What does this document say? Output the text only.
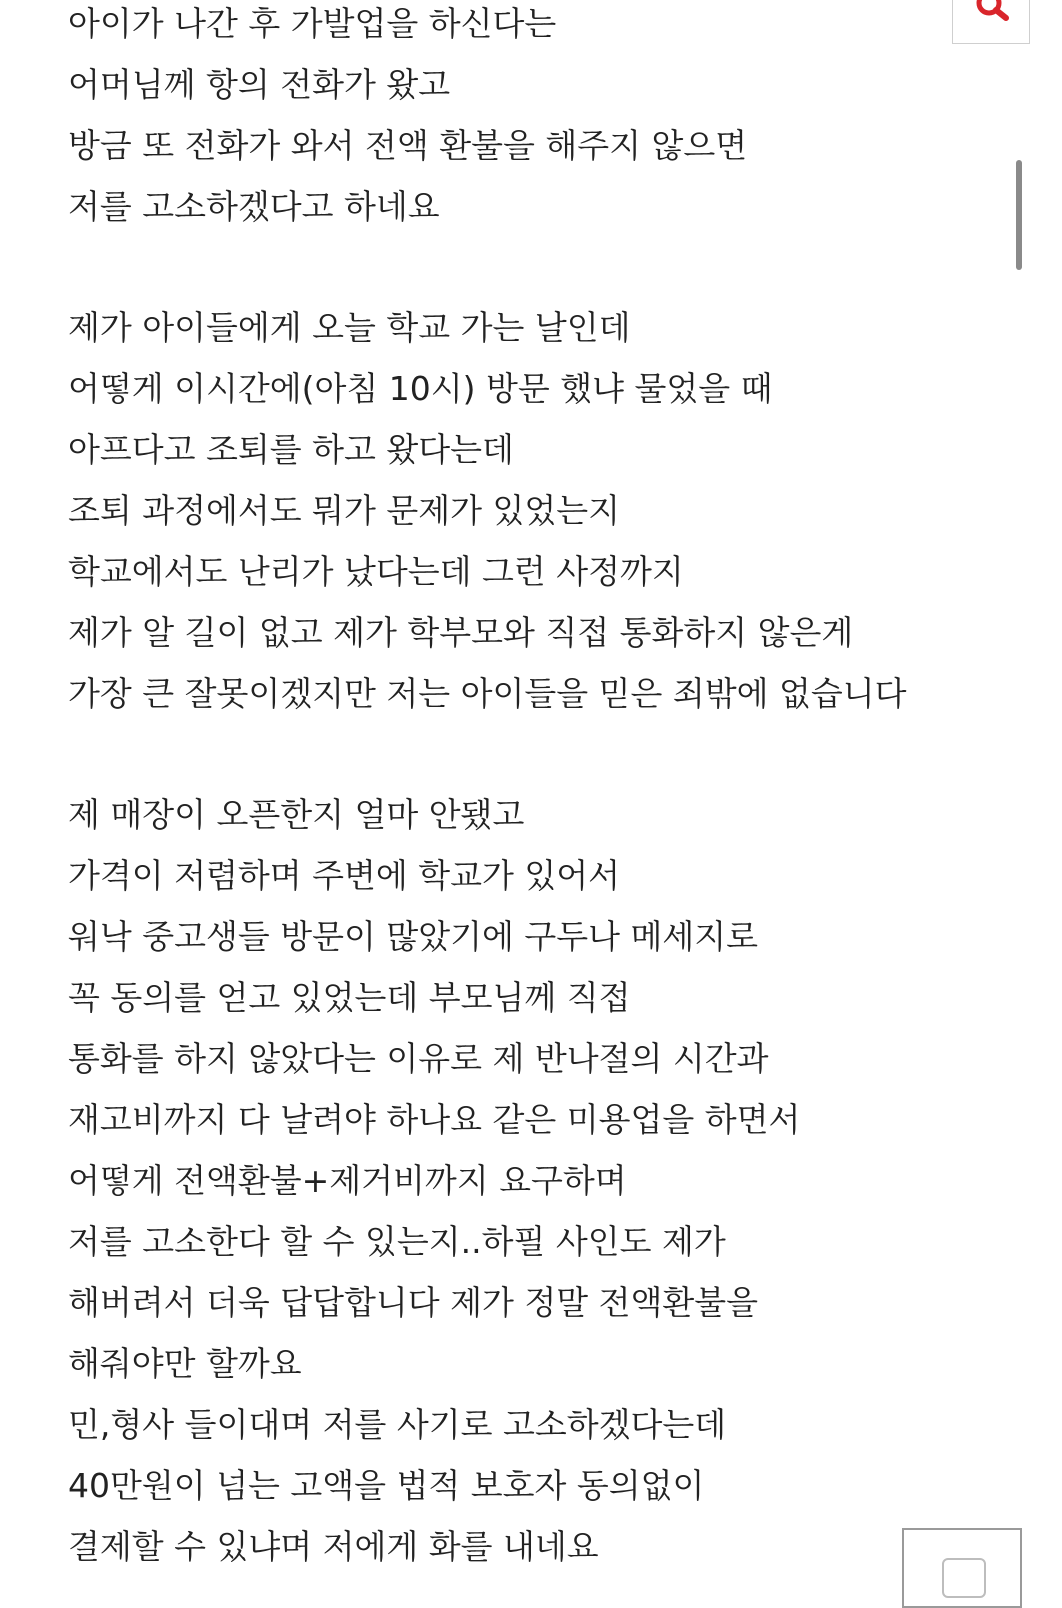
아이가 나간 후 가발업을 하신다는
어머님께 항의 전화가 왔고
방금 또 전화가 와서 전액 환불을 해주지 않으면
저를 고소하겠다고 하네요
제가 아이들에게 오늘 학교 가는 날인데
어떻게 이시간에(아침 10시) 방문 했냐 물었을 때
아프다고 조퇴를 하고 왔다는데
조퇴 과정에서도 뭐가 문제가 있었는지
학교에서도 난리가 났다는데 그런 사정까지
제가 알 길이 없고 제가 학부모와 직접 통화하지 않은게
가장 큰 잘못이겠지만 저는 아이들을 믿은 죄밖에 없습니다
제 매장이 오픈한지 얼마 안됐고
가격이 저렴하며 주변에 학교가 있어서
워낙 중고생들 방문이 많았기에 구두나 메세지로
꼭 동의를 얻고 있었는데 부모님께 직접
통화를 하지 않았다는 이유로 제 반나절의 시간과
재고비까지 다 날려야 하나요 같은 미용업을 하면서
어떻게 전액환불+제거비까지 요구하며
저를 고소한다 할 수 있는지..하필 사인도 제가
해버려서 더욱 답답합니다 제가 정말 전액환불을
해줘야만 할까요
민,형사 들이대며 저를 사기로 고소하겠다는데
40만원이 넘는 고액을 법적 보호자 동의없이
결제할 수 있냐며 저에게 화를 내네요
